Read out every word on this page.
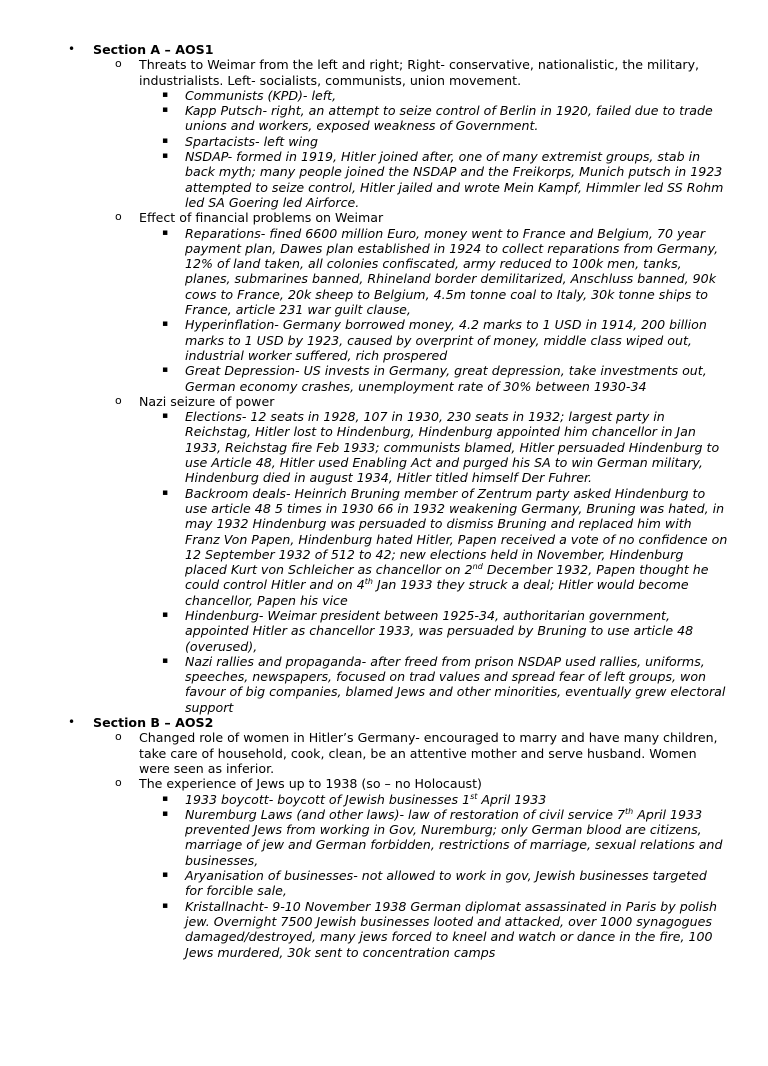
• Section A – AOS1
o Threats to Weimar from the left and right; Right- conservative, nationalistic, the military, industrialists. Left- socialists, communists, union movement.
▪ Communists (KPD)- left,
▪ Kapp Putsch- right, an attempt to seize control of Berlin in 1920, failed due to trade unions and workers, exposed weakness of Government.
▪ Spartacists- left wing
▪ NSDAP- formed in 1919, Hitler joined after, one of many extremist groups, stab in back myth; many people joined the NSDAP and the Freikorps, Munich putsch in 1923 attempted to seize control, Hitler jailed and wrote Mein Kampf, Himmler led SS Rohm led SA Goering led Airforce.
o Effect of financial problems on Weimar
▪ Reparations- fined 6600 million Euro, money went to France and Belgium, 70 year payment plan, Dawes plan established in 1924 to collect reparations from Germany, 12% of land taken, all colonies confiscated, army reduced to 100k men, tanks, planes, submarines banned, Rhineland border demilitarized, Anschluss banned, 90k cows to France, 20k sheep to Belgium, 4.5m tonne coal to Italy, 30k tonne ships to France, article 231 war guilt clause,
▪ Hyperinflation- Germany borrowed money, 4.2 marks to 1 USD in 1914, 200 billion marks to 1 USD by 1923, caused by overprint of money, middle class wiped out, industrial worker suffered, rich prospered
▪ Great Depression- US invests in Germany, great depression, take investments out, German economy crashes, unemployment rate of 30% between 1930-34
o Nazi seizure of power
▪ Elections- 12 seats in 1928, 107 in 1930, 230 seats in 1932; largest party in Reichstag, Hitler lost to Hindenburg, Hindenburg appointed him chancellor in Jan 1933, Reichstag fire Feb 1933; communists blamed, Hitler persuaded Hindenburg to use Article 48, Hitler used Enabling Act and purged his SA to win German military, Hindenburg died in august 1934, Hitler titled himself Der Fuhrer.
▪ Backroom deals- Heinrich Bruning member of Zentrum party asked Hindenburg to use article 48 5 times in 1930 66 in 1932 weakening Germany, Bruning was hated, in may 1932 Hindenburg was persuaded to dismiss Bruning and replaced him with Franz Von Papen, Hindenburg hated Hitler, Papen received a vote of no confidence on 12 September 1932 of 512 to 42; new elections held in November, Hindenburg placed Kurt von Schleicher as chancellor on 2nd December 1932, Papen thought he could control Hitler and on 4th Jan 1933 they struck a deal; Hitler would become chancellor, Papen his vice
▪ Hindenburg- Weimar president between 1925-34, authoritarian government, appointed Hitler as chancellor 1933, was persuaded by Bruning to use article 48 (overused),
▪ Nazi rallies and propaganda- after freed from prison NSDAP used rallies, uniforms, speeches, newspapers, focused on trad values and spread fear of left groups, won favour of big companies, blamed Jews and other minorities, eventually grew electoral support
• Section B – AOS2
o Changed role of women in Hitler’s Germany- encouraged to marry and have many children, take care of household, cook, clean, be an attentive mother and serve husband. Women were seen as inferior.
o The experience of Jews up to 1938 (so – no Holocaust)
▪ 1933 boycott- boycott of Jewish businesses 1st April 1933
▪ Nuremburg Laws (and other laws)- law of restoration of civil service 7th April 1933 prevented Jews from working in Gov, Nuremburg; only German blood are citizens, marriage of jew and German forbidden, restrictions of marriage, sexual relations and businesses,
▪ Aryanisation of businesses- not allowed to work in gov, Jewish businesses targeted for forcible sale,
▪ Kristallnacht- 9-10 November 1938 German diplomat assassinated in Paris by polish jew. Overnight 7500 Jewish businesses looted and attacked, over 1000 synagogues damaged/destroyed, many jews forced to kneel and watch or dance in the fire, 100 Jews murdered, 30k sent to concentration camps
